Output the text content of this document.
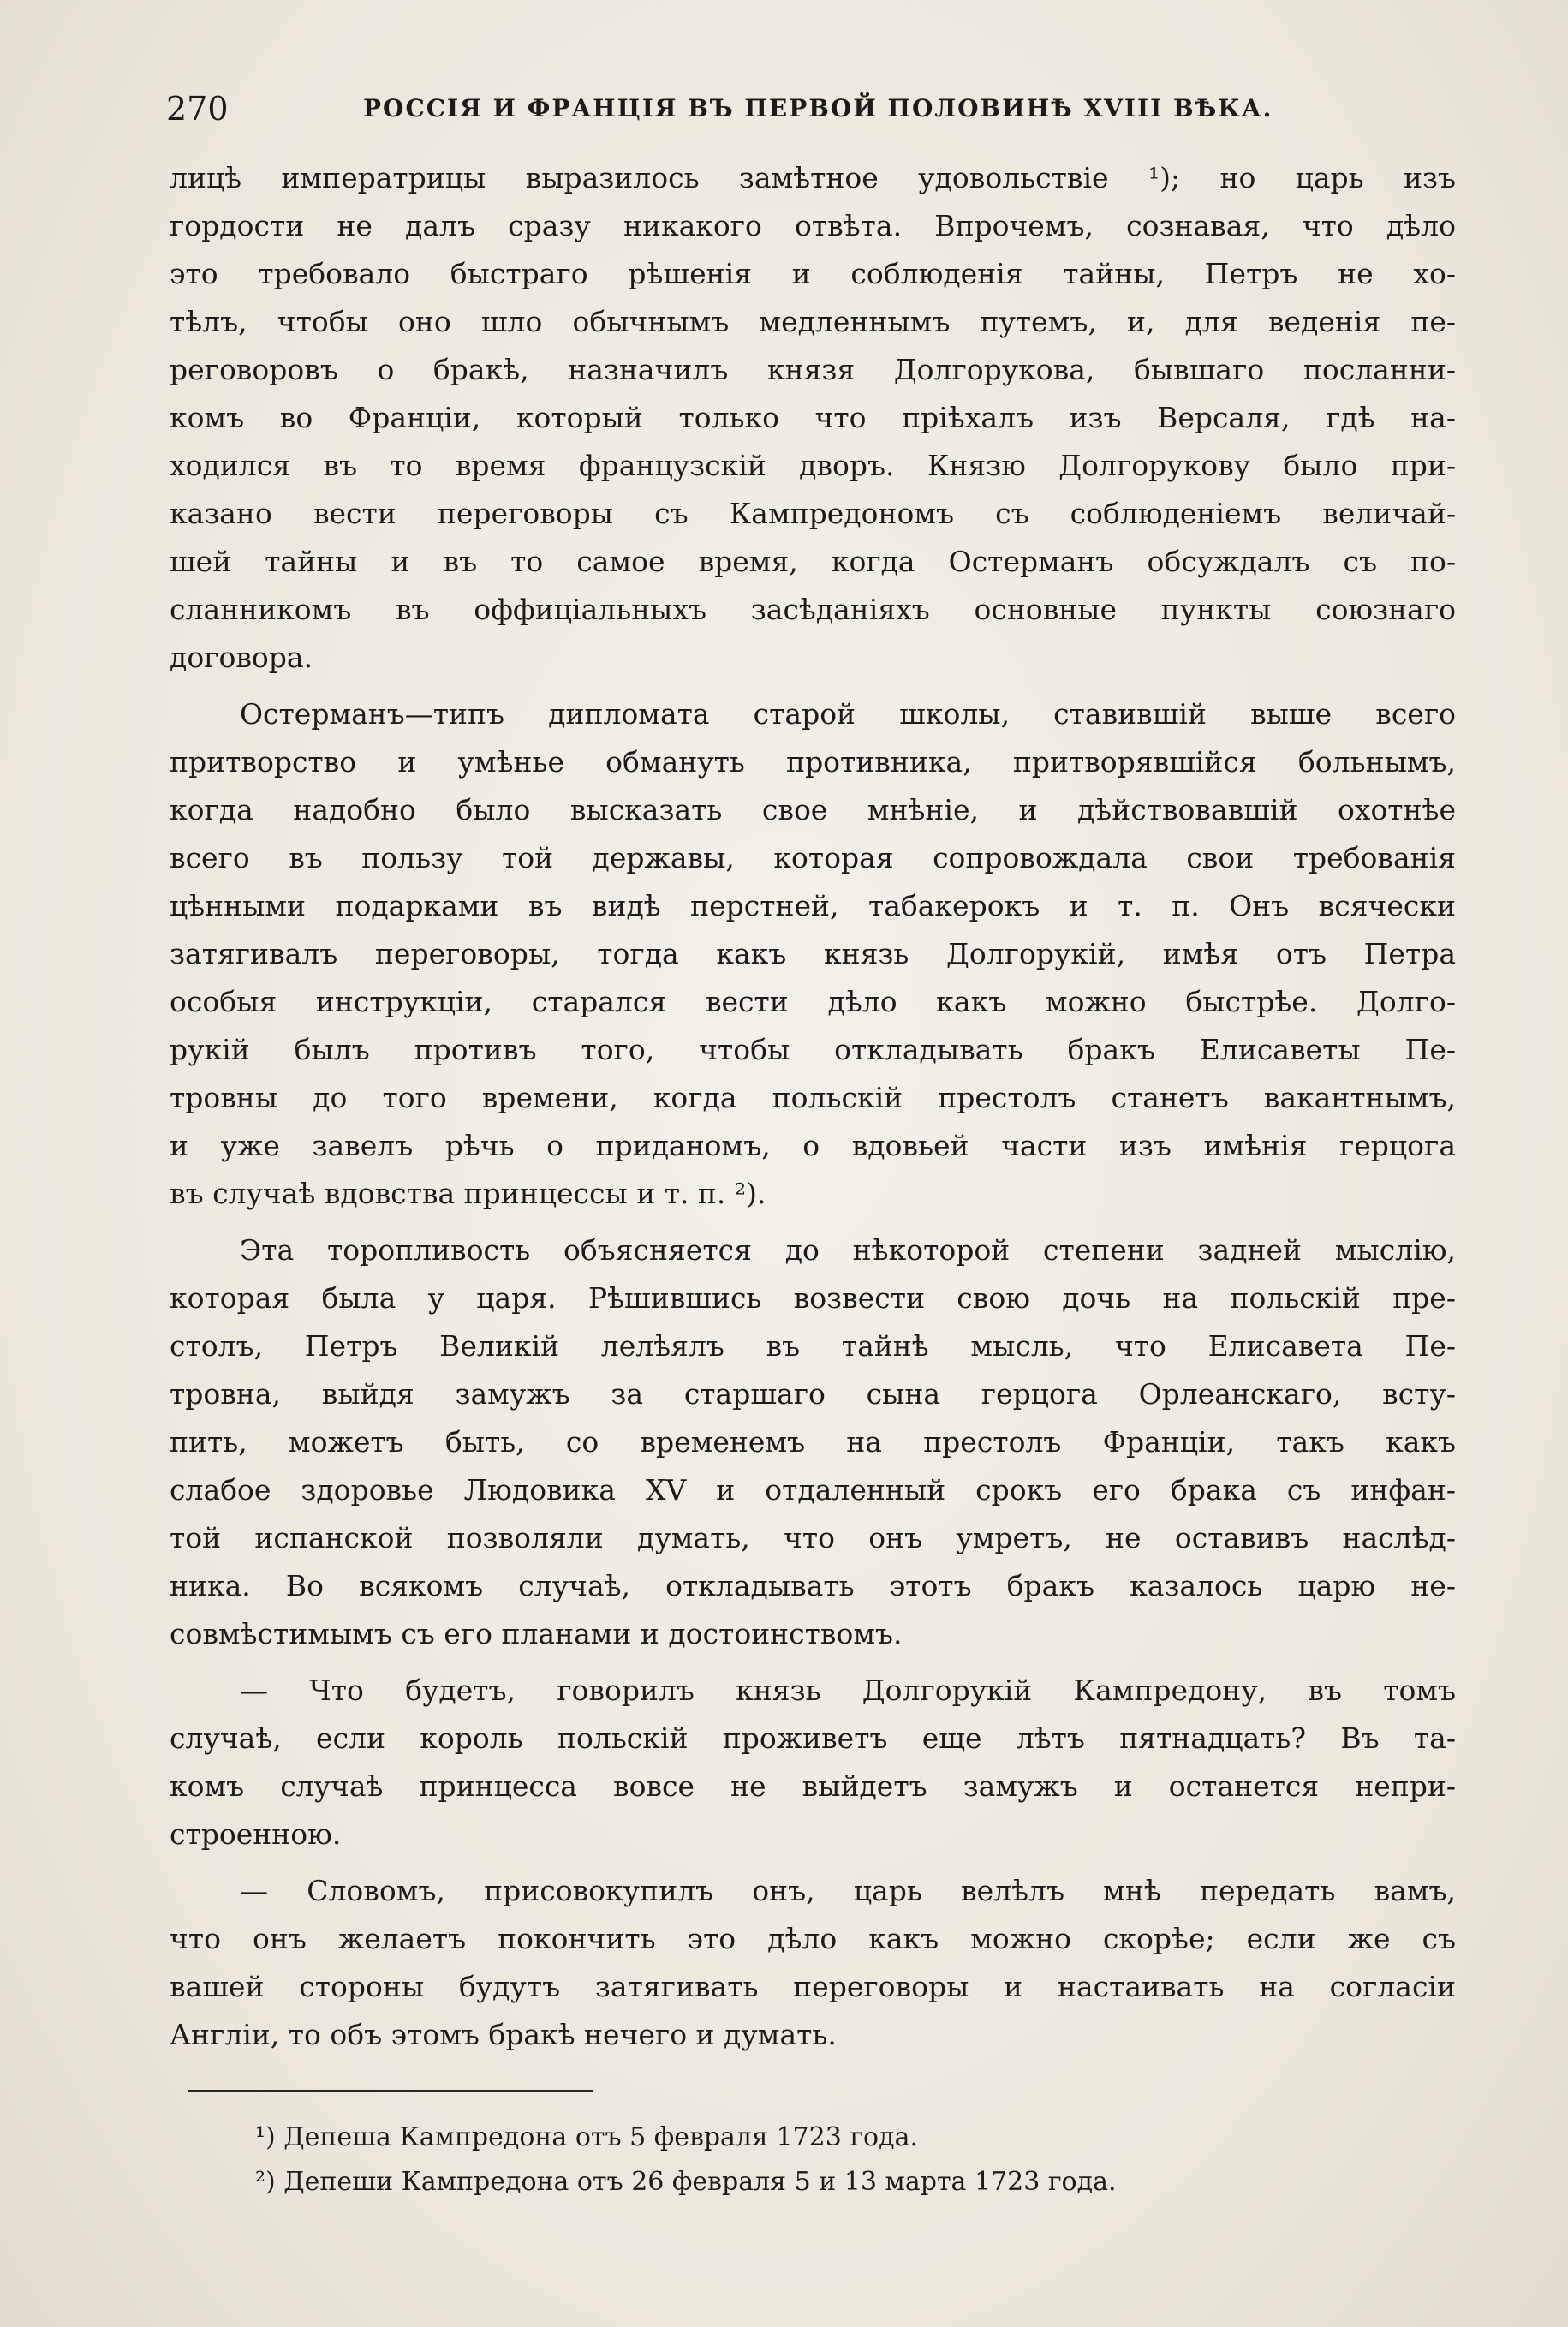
270	РОССІЯ И ФРАНЦІЯ ВЪ ПЕРВОЙ ПОЛОВИНѢ XVIII ВѢКА.
лицѣ императрицы выразилось замѣтное удовольствіе ¹); но царь изъ
гордости не далъ сразу никакого отвѣта. Впрочемъ, сознавая, что дѣло
это требовало быстраго рѣшенія и соблюденія тайны, Петръ не хо-
тѣлъ, чтобы оно шло обычнымъ медленнымъ путемъ, и, для веденія пе-
реговоровъ о бракѣ, назначилъ князя Долгорукова, бывшаго посланни-
комъ во Франціи, который только что пріѣхалъ изъ Версаля, гдѣ на-
ходился въ то время французскій дворъ. Князю Долгорукову было при-
казано вести переговоры съ Кампредономъ съ соблюденіемъ величай-
шей тайны и въ то самое время, когда Остерманъ обсуждалъ съ по-
сланникомъ въ оффиціальныхъ засѣданіяхъ основные пункты союзнаго
договора.
Остерманъ—типъ дипломата старой школы, ставившій выше всего
притворство и умѣнье обмануть противника, притворявшійся больнымъ,
когда надобно было высказать свое мнѣніе, и дѣйствовавшій охотнѣе
всего въ пользу той державы, которая сопровождала свои требованія
цѣнными подарками въ видѣ перстней, табакерокъ и т. п. Онъ всячески
затягивалъ переговоры, тогда какъ князь Долгорукій, имѣя отъ Петра
особыя инструкціи, старался вести дѣло какъ можно быстрѣе. Долго-
рукій былъ противъ того, чтобы откладывать бракъ Елисаветы Пе-
тровны до того времени, когда польскій престолъ станетъ вакантнымъ,
и уже завелъ рѣчь о приданомъ, о вдовьей части изъ имѣнія герцога
въ случаѣ вдовства принцессы и т. п. ²).
Эта торопливость объясняется до нѣкоторой степени задней мыслію,
которая была у царя. Рѣшившись возвести свою дочь на польскій пре-
столъ, Петръ Великій лелѣялъ въ тайнѣ мысль, что Елисавета Пе-
тровна, выйдя замужъ за старшаго сына герцога Орлеанскаго, всту-
пить, можетъ быть, со временемъ на престолъ Франціи, такъ какъ
слабое здоровье Людовика XV и отдаленный срокъ его брака съ инфан-
той испанской позволяли думать, что онъ умретъ, не оставивъ наслѣд-
ника. Во всякомъ случаѣ, откладывать этотъ бракъ казалось царю не-
совмѣстимымъ съ его планами и достоинствомъ.
— Что будетъ, говорилъ князь Долгорукій Кампредону, въ томъ
случаѣ, если король польскій проживетъ еще лѣтъ пятнадцать? Въ та-
комъ случаѣ принцесса вовсе не выйдетъ замужъ и останется непри-
строенною.
— Словомъ, присовокупилъ онъ, царь велѣлъ мнѣ передать вамъ,
что онъ желаетъ покончить это дѣло какъ можно скорѣе; если же съ
вашей стороны будутъ затягивать переговоры и настаивать на согласіи
Англіи, то объ этомъ бракѣ нечего и думать.
¹) Депеша Кампредона отъ 5 февраля 1723 года.
²) Депеши Кампредона отъ 26 февраля 5 и 13 марта 1723 года.
